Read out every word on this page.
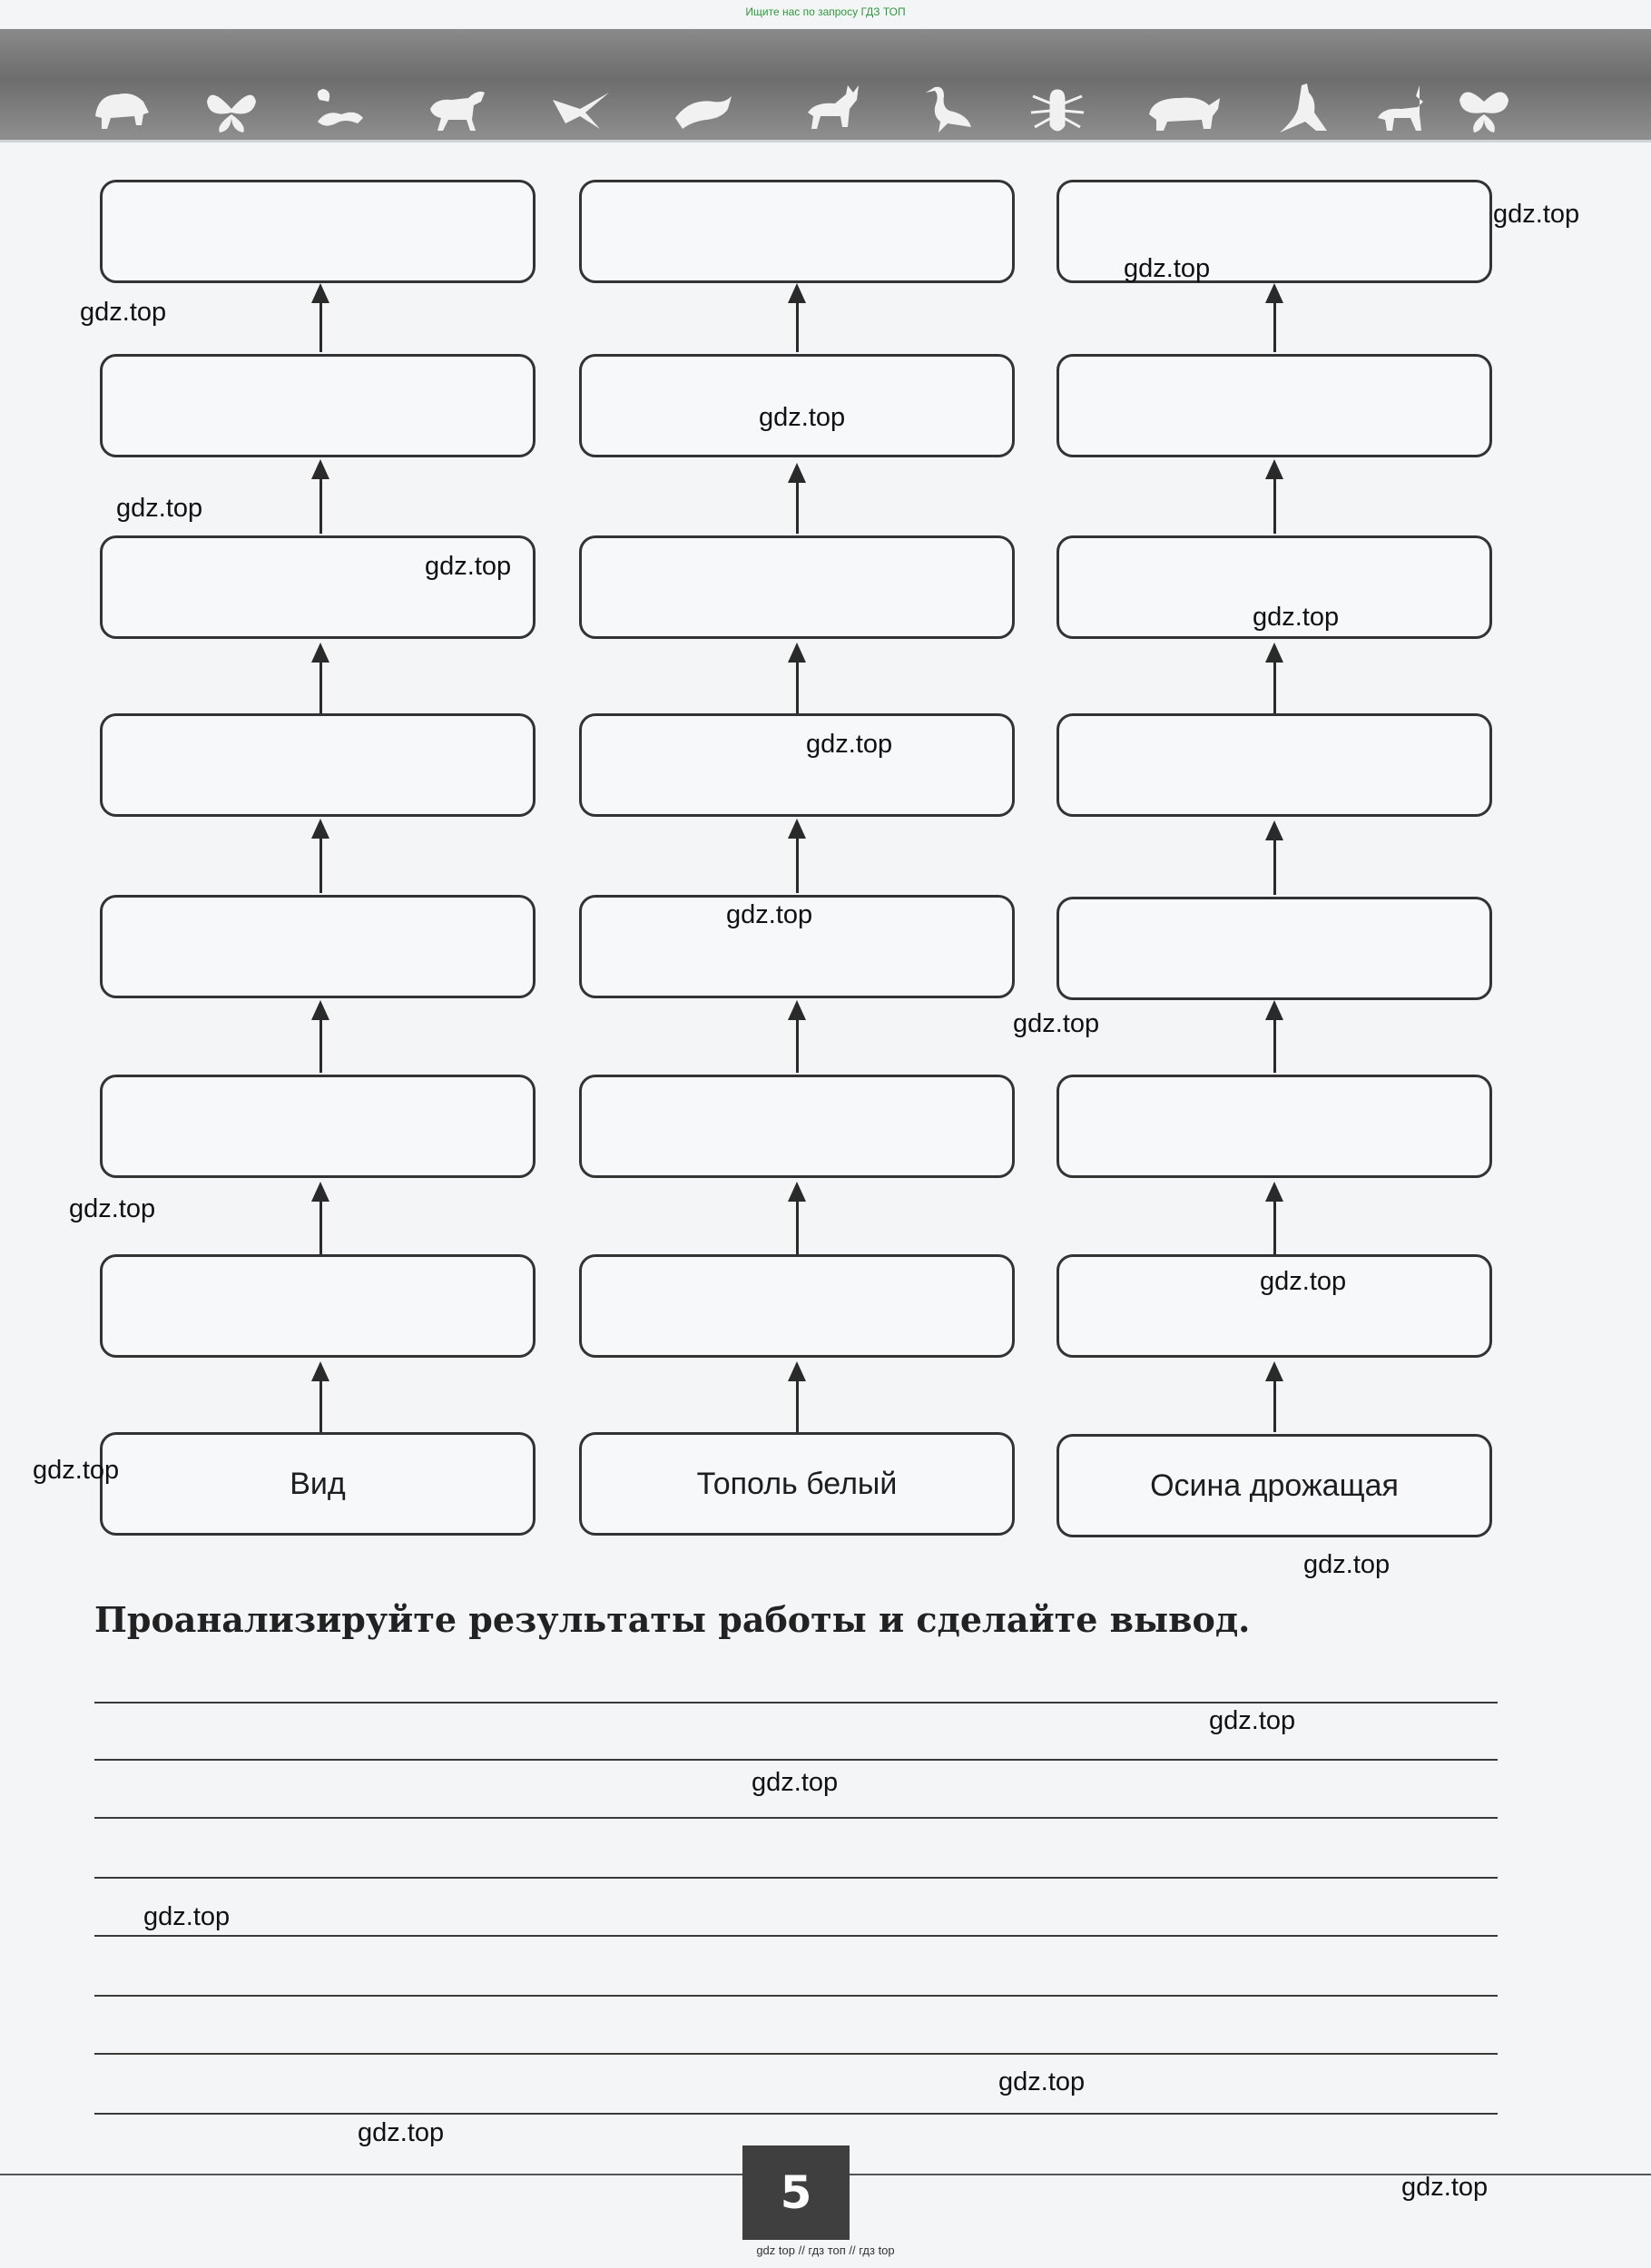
Ищите нас по запросу ГДЗ ТОП
Вид	Тополь белый	Осина дрожащая
Проанализируйте результаты работы и сделайте вывод.
5
gdz top // гдз топ // гдз top
gdz.top
gdz.top
gdz.top
gdz.top
gdz.top
gdz.top
gdz.top
gdz.top
gdz.top
gdz.top
gdz.top
gdz.top
gdz.top
gdz.top
gdz.top
gdz.top
gdz.top
gdz.top
gdz.top
gdz.top
